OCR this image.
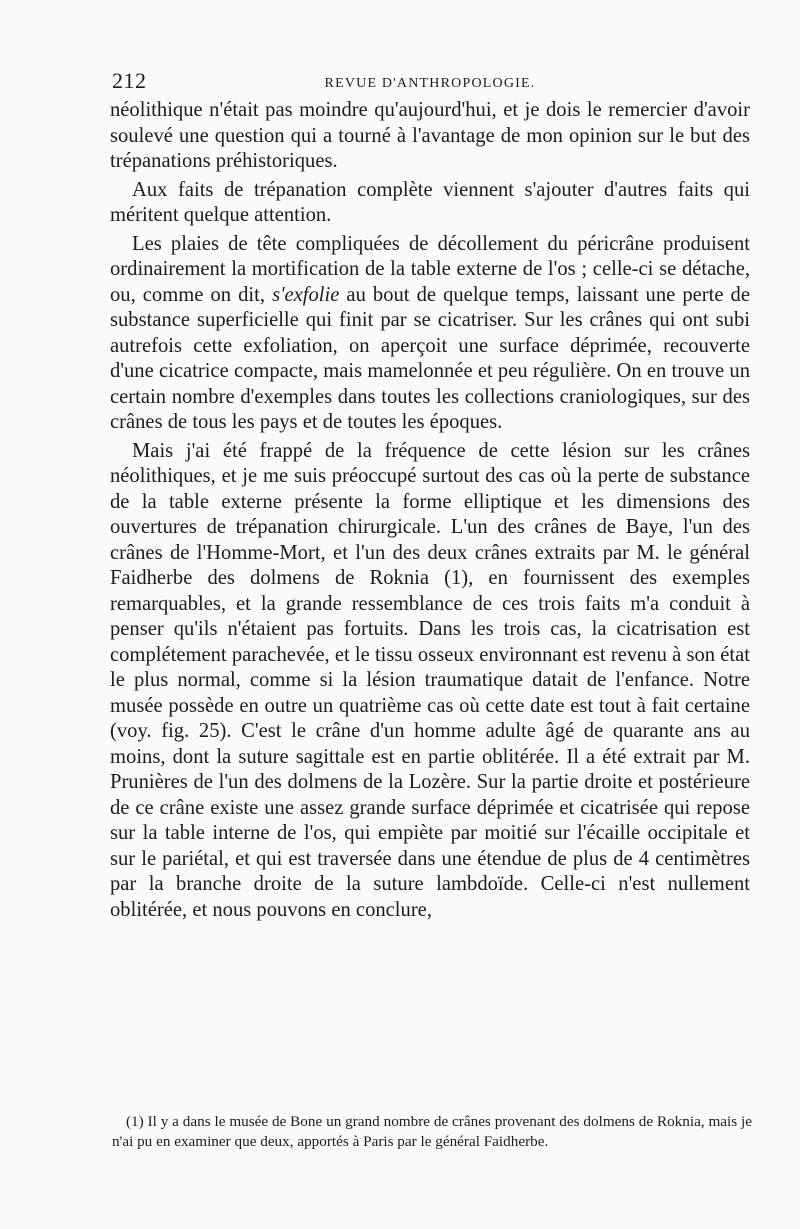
212	REVUE D'ANTHROPOLOGIE.

néolithique n'était pas moindre qu'aujourd'hui, et je dois le remercier d'avoir soulevé une question qui a tourné à l'avantage de mon opinion sur le but des trépanations préhistoriques.

Aux faits de trépanation complète viennent s'ajouter d'autres faits qui méritent quelque attention.

Les plaies de tête compliquées de décollement du péricrâne produisent ordinairement la mortification de la table externe de l'os ; celle-ci se détache, ou, comme on dit, s'exfolie au bout de quelque temps, laissant une perte de substance superficielle qui finit par se cicatriser. Sur les crânes qui ont subi autrefois cette exfoliation, on aperçoit une surface déprimée, recouverte d'une cicatrice compacte, mais mamelonnée et peu régulière. On en trouve un certain nombre d'exemples dans toutes les collections craniologiques, sur des crânes de tous les pays et de toutes les époques.

Mais j'ai été frappé de la fréquence de cette lésion sur les crânes néolithiques, et je me suis préoccupé surtout des cas où la perte de substance de la table externe présente la forme elliptique et les dimensions des ouvertures de trépanation chirurgicale. L'un des crânes de Baye, l'un des crânes de l'Homme-Mort, et l'un des deux crânes extraits par M. le général Faidherbe des dolmens de Roknia (1), en fournissent des exemples remarquables, et la grande ressemblance de ces trois faits m'a conduit à penser qu'ils n'étaient pas fortuits. Dans les trois cas, la cicatrisation est complétement parachevée, et le tissu osseux environnant est revenu à son état le plus normal, comme si la lésion traumatique datait de l'enfance. Notre musée possède en outre un quatrième cas où cette date est tout à fait certaine (voy. fig. 25). C'est le crâne d'un homme adulte âgé de quarante ans au moins, dont la suture sagittale est en partie oblitérée. Il a été extrait par M. Prunières de l'un des dolmens de la Lozère. Sur la partie droite et postérieure de ce crâne existe une assez grande surface déprimée et cicatrisée qui repose sur la table interne de l'os, qui empiète par moitié sur l'écaille occipitale et sur le pariétal, et qui est traversée dans une étendue de plus de 4 centimètres par la branche droite de la suture lambdoïde. Celle-ci n'est nullement oblitérée, et nous pouvons en conclure,

(1) Il y a dans le musée de Bone un grand nombre de crânes provenant des dolmens de Roknia, mais je n'ai pu en examiner que deux, apportés à Paris par le général Faidherbe.
